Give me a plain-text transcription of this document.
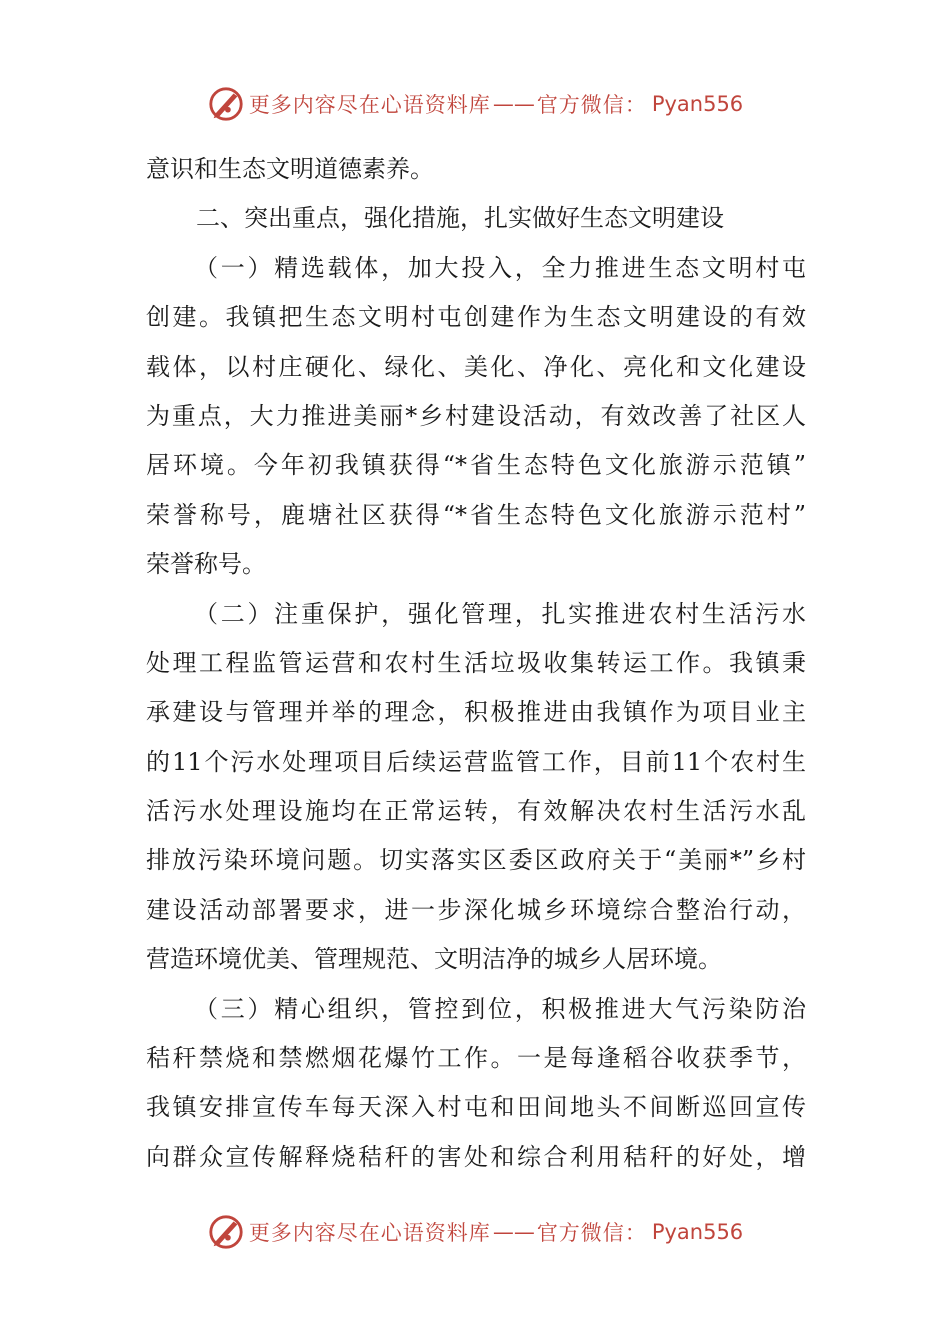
更多内容尽在心语资料库 —— 官方微信 ： Pyan556
意识和生态文明道德素养。
二、突出重点，强化措施，扎实做好生态文明建设
（一）精选载体，加大投入，全力推进生态文明村屯
创建。我镇把生态文明村屯创建作为生态文明建设的有效
载体，以村庄硬化、绿化、美化、净化、亮化和文化建设
为重点，大力推进美丽*乡村建设活动，有效改善了社区人
居环境。今年初我镇获得“*省生态特色文化旅游示范镇”
荣誉称号，鹿塘社区获得“*省生态特色文化旅游示范村”
荣誉称号。
（二）注重保护，强化管理，扎实推进农村生活污水
处理工程监管运营和农村生活垃圾收集转运工作。我镇秉
承建设与管理并举的理念，积极推进由我镇作为项目业主
的11个污水处理项目后续运营监管工作，目前11个农村生
活污水处理设施均在正常运转，有效解决农村生活污水乱
排放污染环境问题。切实落实区委区政府关于“美丽*”乡村
建设活动部署要求，进一步深化城乡环境综合整治行动，
营造环境优美、管理规范、文明洁净的城乡人居环境。
（三）精心组织，管控到位，积极推进大气污染防治
秸秆禁烧和禁燃烟花爆竹工作。一是每逢稻谷收获季节，
我镇安排宣传车每天深入村屯和田间地头不间断巡回宣传
向群众宣传解释烧秸秆的害处和综合利用秸秆的好处，增
更多内容尽在心语资料库 —— 官方微信 ： Pyan556
